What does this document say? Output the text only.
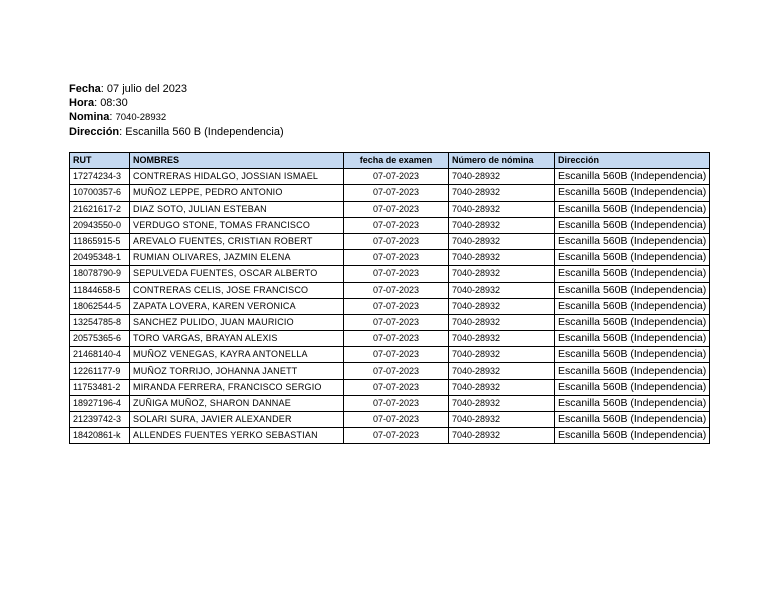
Fecha: 07 julio del 2023
Hora: 08:30
Nomina: 7040-28932
Dirección: Escanilla 560 B (Independencia)
RUT	NOMBRES	fecha de examen	Número de nómina	Dirección
17274234-3	CONTRERAS HIDALGO, JOSSIAN ISMAEL	07-07-2023	7040-28932	Escanilla 560B (Independencia)
10700357-6	MUÑOZ LEPPE, PEDRO ANTONIO	07-07-2023	7040-28932	Escanilla 560B (Independencia)
21621617-2	DIAZ SOTO, JULIAN ESTEBAN	07-07-2023	7040-28932	Escanilla 560B (Independencia)
20943550-0	VERDUGO STONE, TOMAS FRANCISCO	07-07-2023	7040-28932	Escanilla 560B (Independencia)
11865915-5	AREVALO FUENTES, CRISTIAN ROBERT	07-07-2023	7040-28932	Escanilla 560B (Independencia)
20495348-1	RUMIAN OLIVARES, JAZMIN ELENA	07-07-2023	7040-28932	Escanilla 560B (Independencia)
18078790-9	SEPULVEDA FUENTES, OSCAR ALBERTO	07-07-2023	7040-28932	Escanilla 560B (Independencia)
11844658-5	CONTRERAS CELIS, JOSE FRANCISCO	07-07-2023	7040-28932	Escanilla 560B (Independencia)
18062544-5	ZAPATA LOVERA, KAREN VERONICA	07-07-2023	7040-28932	Escanilla 560B (Independencia)
13254785-8	SANCHEZ PULIDO, JUAN MAURICIO	07-07-2023	7040-28932	Escanilla 560B (Independencia)
20575365-6	TORO VARGAS, BRAYAN ALEXIS	07-07-2023	7040-28932	Escanilla 560B (Independencia)
21468140-4	MUÑOZ VENEGAS, KAYRA ANTONELLA	07-07-2023	7040-28932	Escanilla 560B (Independencia)
12261177-9	MUÑOZ TORRIJO, JOHANNA JANETT	07-07-2023	7040-28932	Escanilla 560B (Independencia)
11753481-2	MIRANDA FERRERA, FRANCISCO SERGIO	07-07-2023	7040-28932	Escanilla 560B (Independencia)
18927196-4	ZUÑIGA MUÑOZ, SHARON DANNAE	07-07-2023	7040-28932	Escanilla 560B (Independencia)
21239742-3	SOLARI SURA, JAVIER ALEXANDER	07-07-2023	7040-28932	Escanilla 560B (Independencia)
18420861-k	ALLENDES FUENTES YERKO SEBASTIAN	07-07-2023	7040-28932	Escanilla 560B (Independencia)
